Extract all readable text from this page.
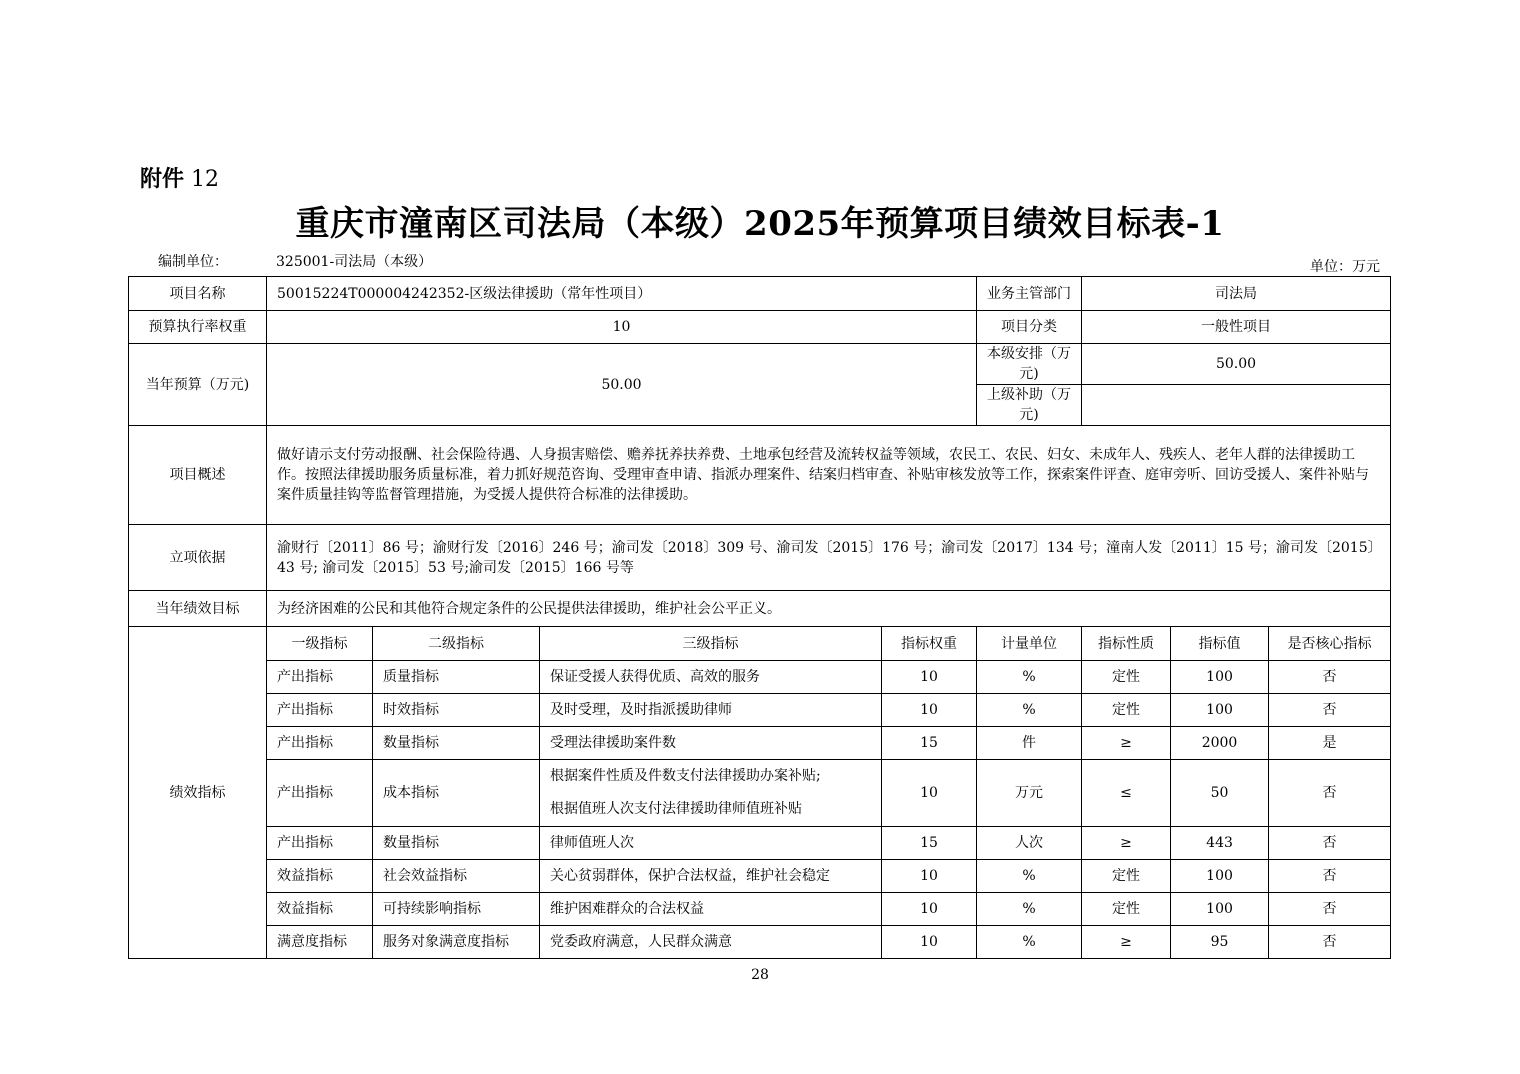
附件 12
重庆市潼南区司法局（本级）2025年预算项目绩效目标表-1
编制单位：	325001-司法局（本级）	单位：万元
项目名称	50015224T000004242352-区级法律援助（常年性项目）				业务主管部门	司法局		
预算执行率权重	10				项目分类	一般性项目		
当年预算（万元)	50.00				本级安排（万元)	50.00		
					上级补助（万元)			
项目概述	做好请示支付劳动报酬、社会保险待遇、人身损害赔偿、赡养抚养扶养费、土地承包经营及流转权益等领域，农民工、农民、妇女、未成年人、残疾人、老年人群的法律援助工作。按照法律援助服务质量标准，着力抓好规范咨询、受理审查申请、指派办理案件、结案归档审查、补贴审核发放等工作，探索案件评查、庭审旁听、回访受援人、案件补贴与案件质量挂钩等监督管理措施，为受援人提供符合标准的法律援助。							
立项依据	渝财行〔2011〕86 号；渝财行发〔2016〕246 号；渝司发〔2018〕309 号、渝司发〔2015〕176 号；渝司发〔2017〕134 号；潼南人发〔2011〕15 号；渝司发〔2015〕43 号; 渝司发〔2015〕53 号;渝司发〔2015〕166 号等							
当年绩效目标	为经济困难的公民和其他符合规定条件的公民提供法律援助，维护社会公平正义。							
绩效指标	一级指标	二级指标	三级指标	指标权重	计量单位	指标性质	指标值	是否核心指标
	产出指标	质量指标	保证受援人获得优质、高效的服务	10	%	定性	100	否
	产出指标	时效指标	及时受理，及时指派援助律师	10	%	定性	100	否
	产出指标	数量指标	受理法律援助案件数	15	件	≥	2000	是
	产出指标	成本指标	根据案件性质及件数支付法律援助办案补贴;
根据值班人次支付法律援助律师值班补贴	10	万元	≤	50	否
	产出指标	数量指标	律师值班人次	15	人次	≥	443	否
	效益指标	社会效益指标	关心贫弱群体，保护合法权益，维护社会稳定	10	%	定性	100	否
	效益指标	可持续影响指标	维护困难群众的合法权益	10	%	定性	100	否
	满意度指标	服务对象满意度指标	党委政府满意，人民群众满意	10	%	≥	95	否
28
